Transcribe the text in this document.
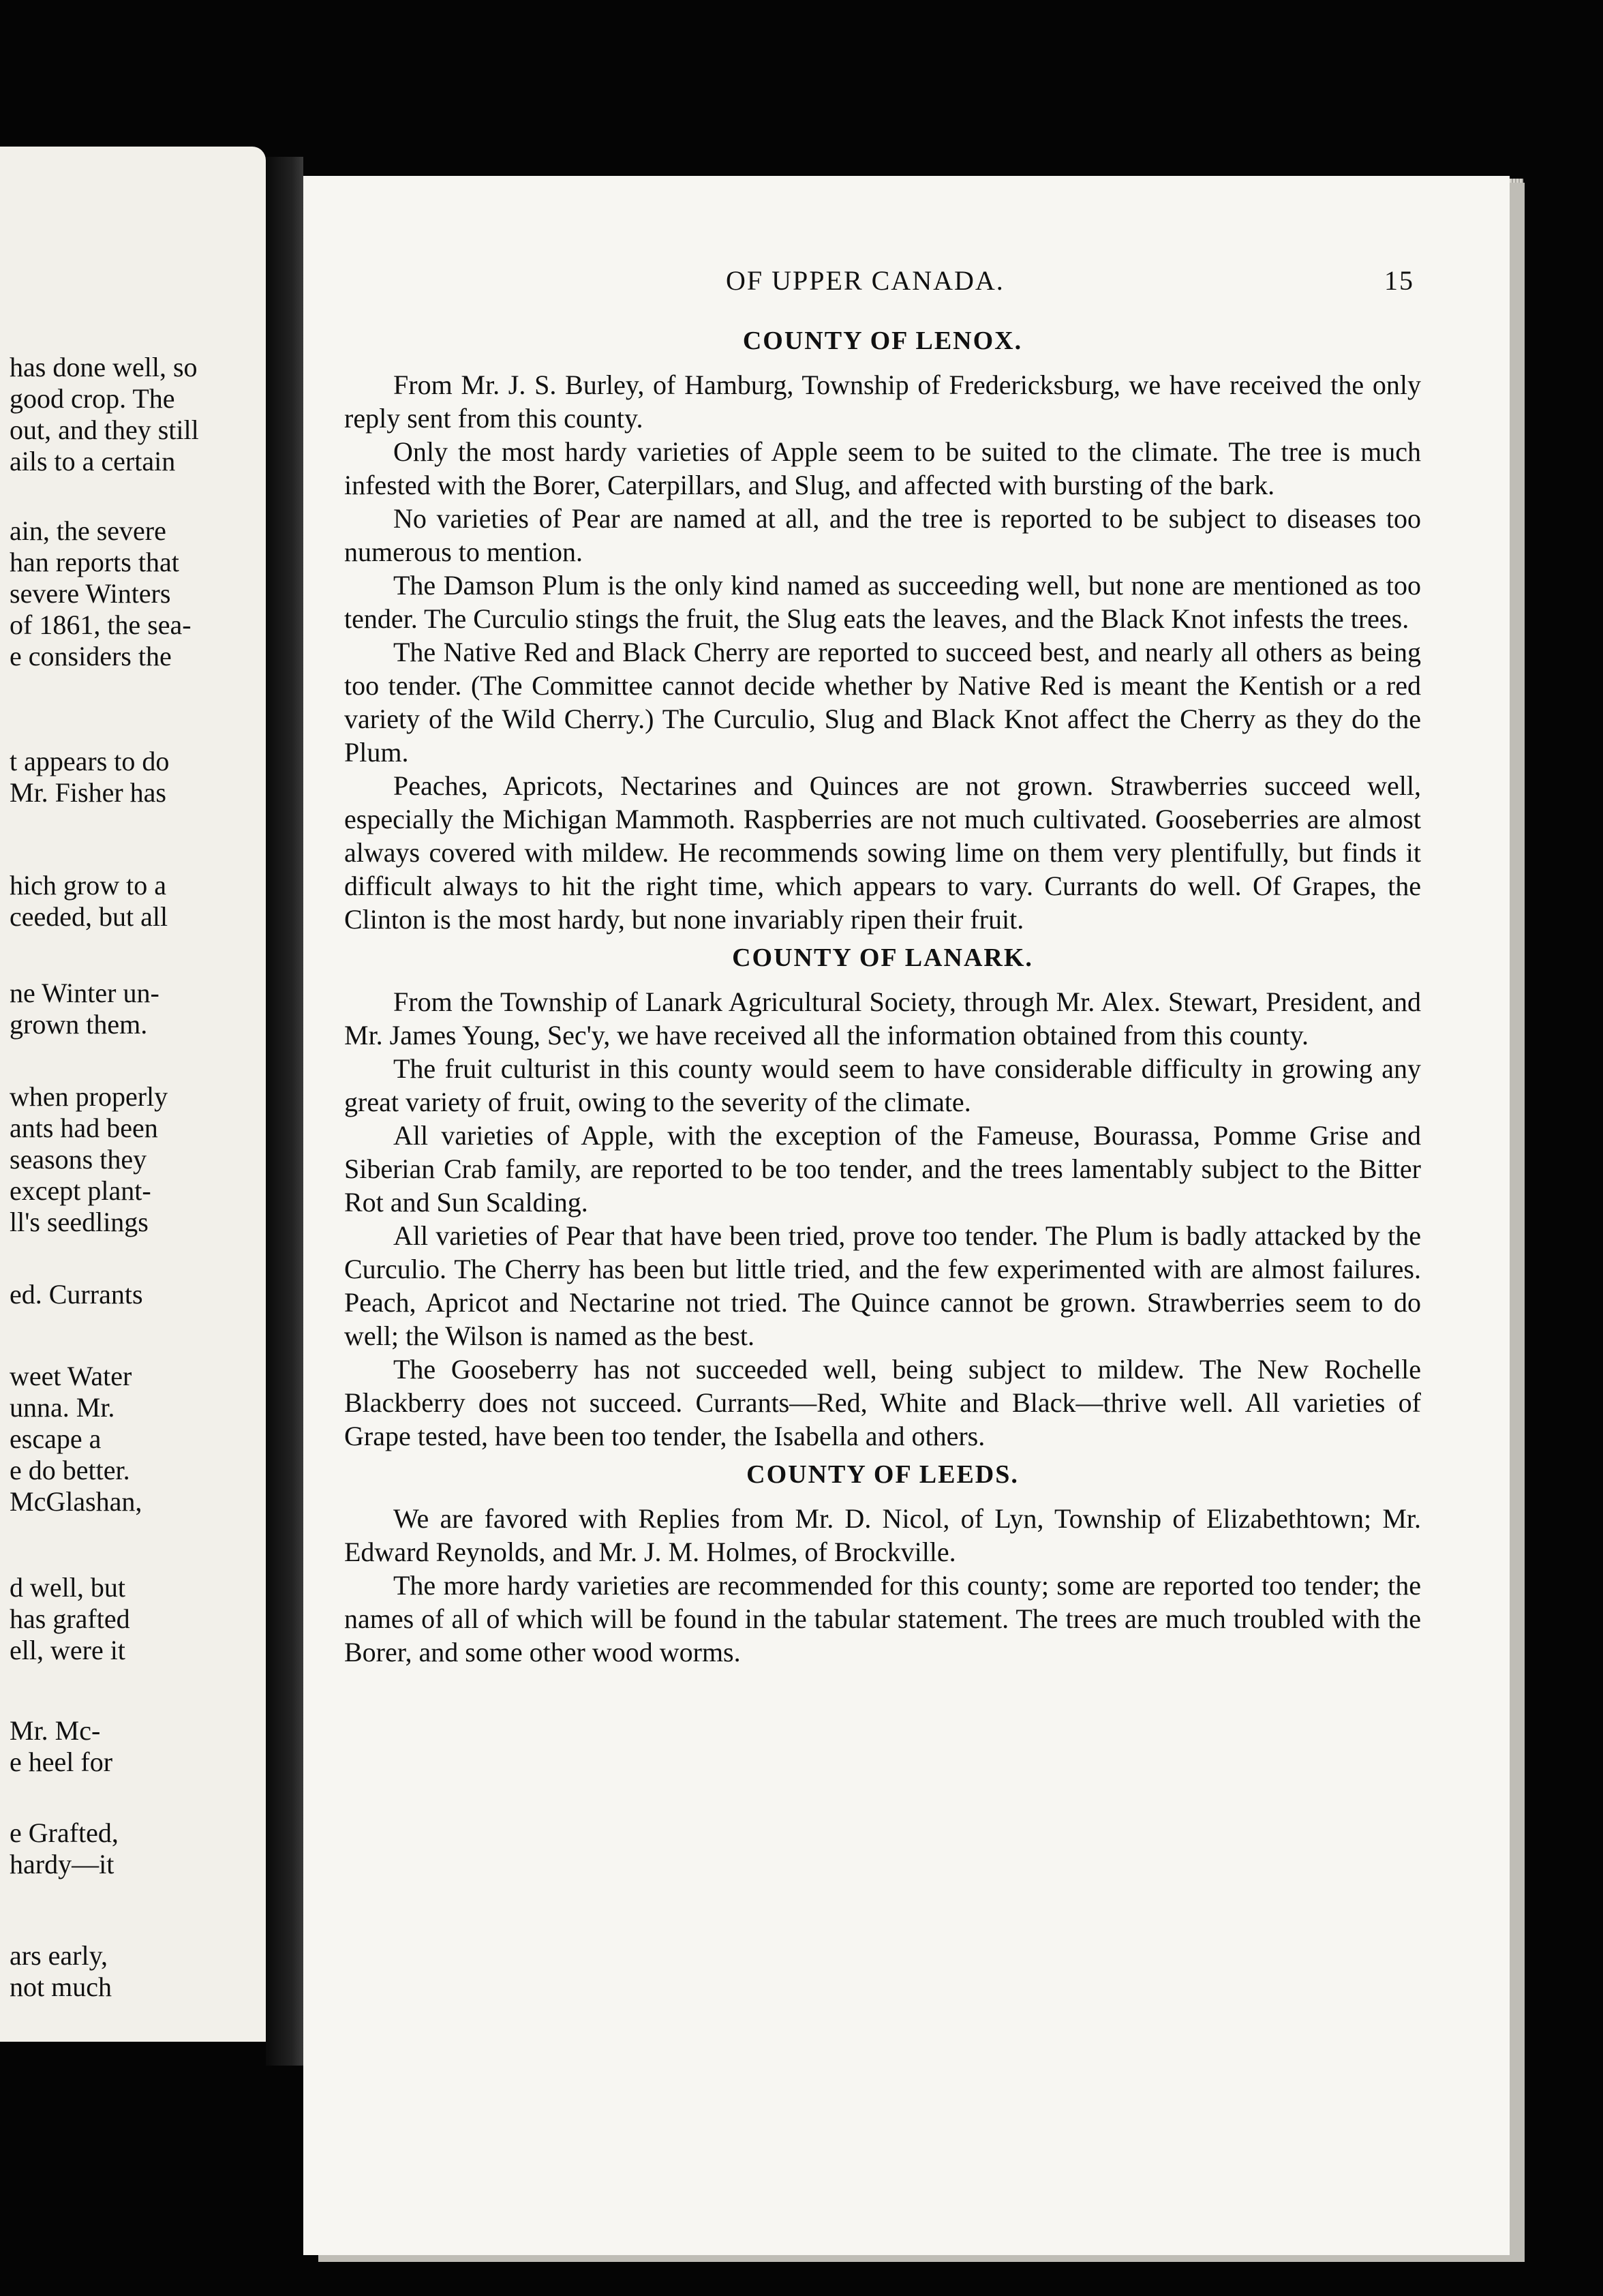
has done well, so
good crop. The
out, and they still
ails to a certain
ain, the severe
han reports that
severe Winters
of 1861, the sea-
e considers the
t appears to do
Mr. Fisher has
hich grow to a
ceeded, but all
ne Winter un-
grown them.
when properly
ants had been
seasons they
except plant-
ll's seedlings
ed. Currants
weet Water
unna. Mr.
escape a
e do better.
McGlashan,
d well, but
has grafted
ell, were it
Mr. Mc-
e heel for
e Grafted,
hardy—it
ars early,
not much
OF UPPER CANADA.	15
COUNTY OF LENOX.

From Mr. J. S. Burley, of Hamburg, Township of Fredericksburg, we have received the only reply sent from this county.

Only the most hardy varieties of Apple seem to be suited to the climate. The tree is much infested with the Borer, Caterpillars, and Slug, and affected with bursting of the bark.

No varieties of Pear are named at all, and the tree is reported to be subject to diseases too numerous to mention.

The Damson Plum is the only kind named as succeeding well, but none are mentioned as too tender. The Curculio stings the fruit, the Slug eats the leaves, and the Black Knot infests the trees.

The Native Red and Black Cherry are reported to succeed best, and nearly all others as being too tender. (The Committee cannot decide whether by Native Red is meant the Kentish or a red variety of the Wild Cherry.) The Curculio, Slug and Black Knot affect the Cherry as they do the Plum.

Peaches, Apricots, Nectarines and Quinces are not grown. Strawberries succeed well, especially the Michigan Mammoth. Raspberries are not much cultivated. Gooseberries are almost always covered with mildew. He recommends sowing lime on them very plentifully, but finds it difficult always to hit the right time, which appears to vary. Currants do well. Of Grapes, the Clinton is the most hardy, but none invariably ripen their fruit.

COUNTY OF LANARK.

From the Township of Lanark Agricultural Society, through Mr. Alex. Stewart, President, and Mr. James Young, Sec'y, we have received all the information obtained from this county.

The fruit culturist in this county would seem to have considerable difficulty in growing any great variety of fruit, owing to the severity of the climate.

All varieties of Apple, with the exception of the Fameuse, Bourassa, Pomme Grise and Siberian Crab family, are reported to be too tender, and the trees lamentably subject to the Bitter Rot and Sun Scalding.

All varieties of Pear that have been tried, prove too tender. The Plum is badly attacked by the Curculio. The Cherry has been but little tried, and the few experimented with are almost failures. Peach, Apricot and Nectarine not tried. The Quince cannot be grown. Strawberries seem to do well; the Wilson is named as the best.

The Gooseberry has not succeeded well, being subject to mildew. The New Rochelle Blackberry does not succeed. Currants—Red, White and Black—thrive well. All varieties of Grape tested, have been too tender, the Isabella and others.

COUNTY OF LEEDS.

We are favored with Replies from Mr. D. Nicol, of Lyn, Township of Elizabethtown; Mr. Edward Reynolds, and Mr. J. M. Holmes, of Brockville.

The more hardy varieties are recommended for this county; some are reported too tender; the names of all of which will be found in the tabular statement. The trees are much troubled with the Borer, and some other wood worms.
